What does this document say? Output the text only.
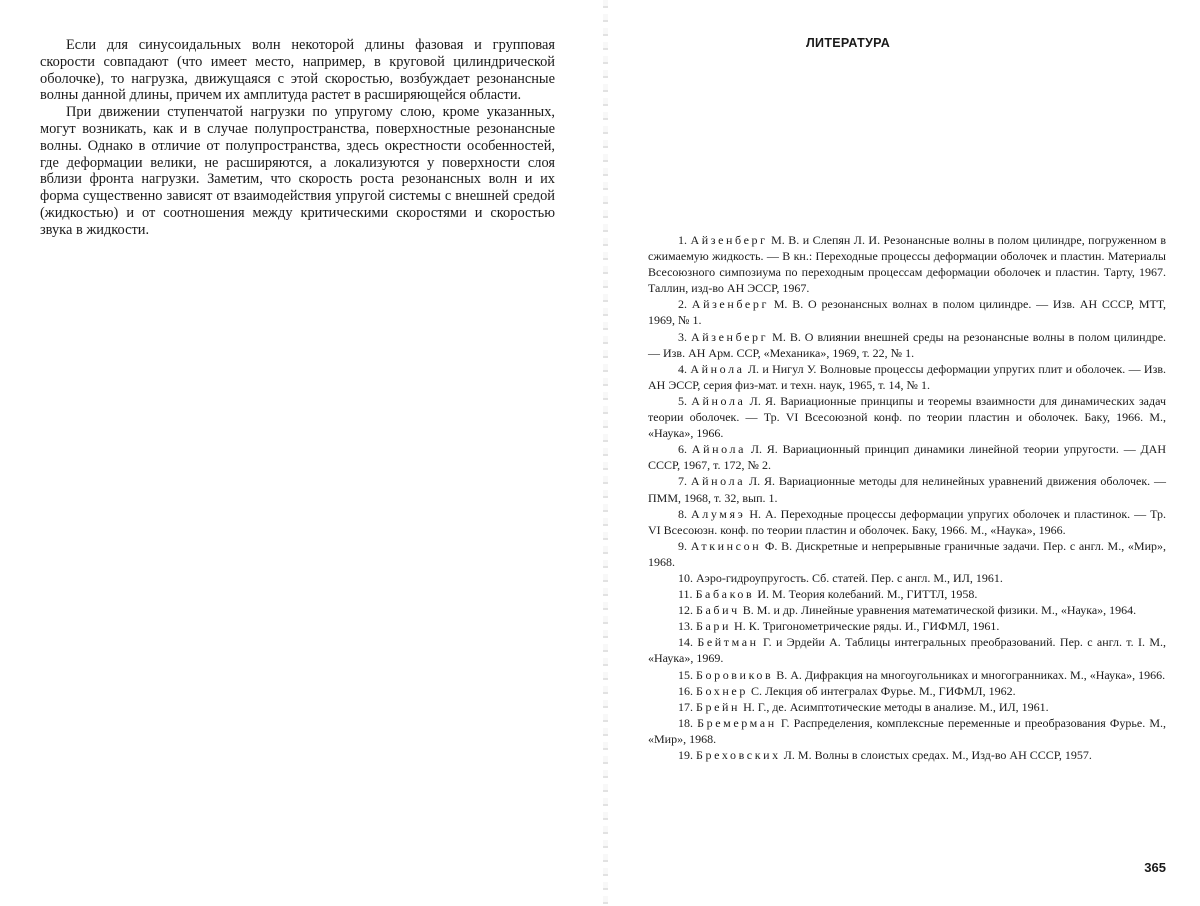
Если для синусоидальных волн некоторой длины фазовая и групповая скорости совпадают (что имеет место, например, в круговой цилиндрической оболочке), то нагрузка, движущаяся с этой скоростью, возбуждает резонансные волны данной длины, причем их амплитуда растет в расширяющейся области.

При движении ступенчатой нагрузки по упругому слою, кроме указанных, могут возникать, как и в случае полупространства, поверхностные резонансные волны. Однако в отличие от полупространства, здесь окрестности особенностей, где деформации велики, не расширяются, а локализуются у поверхности слоя вблизи фронта нагрузки. Заметим, что скорость роста резонансных волн и их форма существенно зависят от взаимодействия упругой системы с внешней средой (жидкостью) и от соотношения между критическими скоростями и скоростью звука в жидкости.

ЛИТЕРАТУРА

1. Айзенберг М. В. и Слепян Л. И. Резонансные волны в полом цилиндре, погруженном в сжимаемую жидкость. — В кн.: Переходные процессы деформации оболочек и пластин. Материалы Всесоюзного симпозиума по переходным процессам деформации оболочек и пластин. Тарту, 1967. Таллин, изд-во АН ЭССР, 1967.

2. Айзенберг М. В. О резонансных волнах в полом цилиндре. — Изв. АН СССР, МТТ, 1969, № 1.

3. Айзенберг М. В. О влиянии внешней среды на резонансные волны в полом цилиндре. — Изв. АН Арм. ССР, «Механика», 1969, т. 22, № 1.

4. Айнола Л. и Нигул У. Волновые процессы деформации упругих плит и оболочек. — Изв. АН ЭССР, серия физ-мат. и техн. наук, 1965, т. 14, № 1.

5. Айнола Л. Я. Вариационные принципы и теоремы взаимности для динамических задач теории оболочек. — Тр. VI Всесоюзной конф. по теории пластин и оболочек. Баку, 1966. М., «Наука», 1966.

6. Айнола Л. Я. Вариационный принцип динамики линейной теории упругости. — ДАН СССР, 1967, т. 172, № 2.

7. Айнола Л. Я. Вариационные методы для нелинейных уравнений движения оболочек. — ПММ, 1968, т. 32, вып. 1.

8. Алумяэ Н. А. Переходные процессы деформации упругих оболочек и пластинок. — Тр. VI Всесоюзн. конф. по теории пластин и оболочек. Баку, 1966. М., «Наука», 1966.

9. Аткинсон Ф. В. Дискретные и непрерывные граничные задачи. Пер. с англ. М., «Мир», 1968.

10. Аэро-гидроупругость. Сб. статей. Пер. с англ. М., ИЛ, 1961.

11. Бабаков И. М. Теория колебаний. М., ГИТТЛ, 1958.

12. Бабич В. М. и др. Линейные уравнения математической физики. М., «Наука», 1964.

13. Бари Н. К. Тригонометрические ряды. И., ГИФМЛ, 1961.

14. Бейтман Г. и Эрдейи А. Таблицы интегральных преобразований. Пер. с англ. т. I. М., «Наука», 1969.

15. Боровиков В. А. Дифракция на многоугольниках и многогранниках. М., «Наука», 1966.

16. Бохнер С. Лекция об интегралах Фурье. М., ГИФМЛ, 1962.

17. Брейн Н. Г., де. Асимптотические методы в анализе. М., ИЛ, 1961.

18. Бремерман Г. Распределения, комплексные переменные и преобразования Фурье. М., «Мир», 1968.

19. Бреховских Л. М. Волны в слоистых средах. М., Изд-во АН СССР, 1957.

365
